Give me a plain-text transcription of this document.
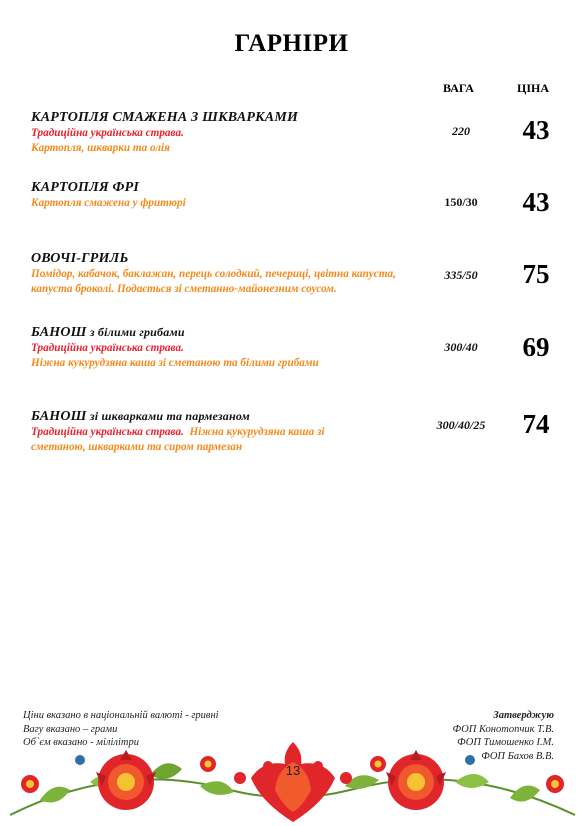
ГАРНІРИ
ВАГА	ЦІНА
КАРТОПЛЯ СМАЖЕНА З ШКВАРКАМИ
Традиційна українська страва.
Картопля, шкварки та олія
220	43
КАРТОПЛЯ ФРІ
Картопля смажена у фритюрі	150/30	43
ОВОЧІ-ГРИЛЬ
Помідор, кабачок, баклажан, перець солодкий, печериці, цвітна капуста, капуста броколі. Подається зі сметанно-майонезним соусом.
335/50	75
БАНОШ з білими грибами
Традиційна українська страва.
Ніжна кукурудзяна каша зі сметаною та білими грибами
300/40	69
БАНОШ зі шкварками та пармезаном
Традиційна українська страва. Ніжна кукурудзяна каша зі сметаною, шкварками та сиром пармезан
300/40/25	74
13
Ціни вказано в національній валюті - гривні
Вагу вказано – грами
Об`єм вказано - мілілітри
Затверджую
ФОП Конотопчик Т.В.
ФОП Тимошенко І.М.
ФОП Бахов В.В.
